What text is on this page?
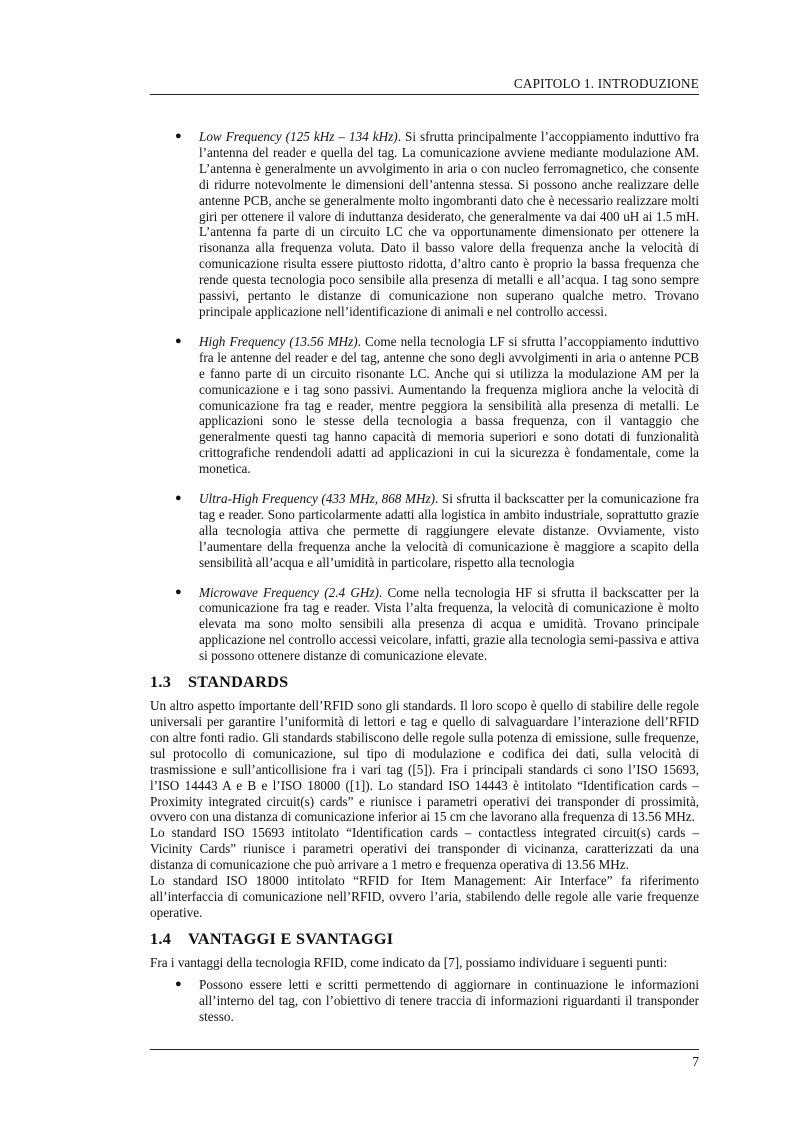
CAPITOLO 1. INTRODUZIONE
● Low Frequency (125 kHz – 134 kHz). Si sfrutta principalmente l’accoppiamento induttivo fra l’antenna del reader e quella del tag. La comunicazione avviene mediante modulazione AM. L’antenna è generalmente un avvolgimento in aria o con nucleo ferromagnetico, che consente di ridurre notevolmente le dimensioni dell’antenna stessa. Si possono anche realizzare delle antenne PCB, anche se generalmente molto ingombranti dato che è necessario realizzare molti giri per ottenere il valore di induttanza desiderato, che generalmente va dai 400 uH ai 1.5 mH. L’antenna fa parte di un circuito LC che va opportunamente dimensionato per ottenere la risonanza alla frequenza voluta. Dato il basso valore della frequenza anche la velocità di comunicazione risulta essere piuttosto ridotta, d’altro canto è proprio la bassa frequenza che rende questa tecnologia poco sensibile alla presenza di metalli e all’acqua. I tag sono sempre passivi, pertanto le distanze di comunicazione non superano qualche metro. Trovano principale applicazione nell’identificazione di animali e nel controllo accessi.
● High Frequency (13.56 MHz). Come nella tecnologia LF si sfrutta l’accoppiamento induttivo fra le antenne del reader e del tag, antenne che sono degli avvolgimenti in aria o antenne PCB e fanno parte di un circuito risonante LC. Anche qui si utilizza la modulazione AM per la comunicazione e i tag sono passivi. Aumentando la frequenza migliora anche la velocità di comunicazione fra tag e reader, mentre peggiora la sensibilità alla presenza di metalli. Le applicazioni sono le stesse della tecnologia a bassa frequenza, con il vantaggio che generalmente questi tag hanno capacità di memoria superiori e sono dotati di funzionalità crittografiche rendendoli adatti ad applicazioni in cui la sicurezza è fondamentale, come la monetica.
● Ultra-High Frequency (433 MHz, 868 MHz). Si sfrutta il backscatter per la comunicazione fra tag e reader. Sono particolarmente adatti alla logistica in ambito industriale, soprattutto grazie alla tecnologia attiva che permette di raggiungere elevate distanze. Ovviamente, visto l’aumentare della frequenza anche la velocità di comunicazione è maggiore a scapito della sensibilità all’acqua e all’umidità in particolare, rispetto alla tecnologia
● Microwave Frequency (2.4 GHz). Come nella tecnologia HF si sfrutta il backscatter per la comunicazione fra tag e reader. Vista l’alta frequenza, la velocità di comunicazione è molto elevata ma sono molto sensibili alla presenza di acqua e umidità. Trovano principale applicazione nel controllo accessi veicolare, infatti, grazie alla tecnologia semi-passiva e attiva si possono ottenere distanze di comunicazione elevate.
1.3 STANDARDS

Un altro aspetto importante dell’RFID sono gli standards. Il loro scopo è quello di stabilire delle regole universali per garantire l’uniformità di lettori e tag e quello di salvaguardare l’interazione dell’RFID con altre fonti radio. Gli standards stabiliscono delle regole sulla potenza di emissione, sulle frequenze, sul protocollo di comunicazione, sul tipo di modulazione e codifica dei dati, sulla velocità di trasmissione e sull’anticollisione fra i vari tag ([5]). Fra i principali standards ci sono l’ISO 15693, l’ISO 14443 A e B e l’ISO 18000 ([1]). Lo standard ISO 14443 è intitolato “Identification cards – Proximity integrated circuit(s) cards” e riunisce i parametri operativi dei transponder di prossimità, ovvero con una distanza di comunicazione inferior ai 15 cm che lavorano alla frequenza di 13.56 MHz.

Lo standard ISO 15693 intitolato “Identification cards – contactless integrated circuit(s) cards – Vicinity Cards” riunisce i parametri operativi dei transponder di vicinanza, caratterizzati da una distanza di comunicazione che può arrivare a 1 metro e frequenza operativa di 13.56 MHz.

Lo standard ISO 18000 intitolato “RFID for Item Management: Air Interface” fa riferimento all’interfaccia di comunicazione nell’RFID, ovvero l’aria, stabilendo delle regole alle varie frequenze operative.

1.4 VANTAGGI E SVANTAGGI

Fra i vantaggi della tecnologia RFID, come indicato da [7], possiamo individuare i seguenti punti:

● Possono essere letti e scritti permettendo di aggiornare in continuazione le informazioni all’interno del tag, con l’obiettivo di tenere traccia di informazioni riguardanti il transponder stesso.
7
